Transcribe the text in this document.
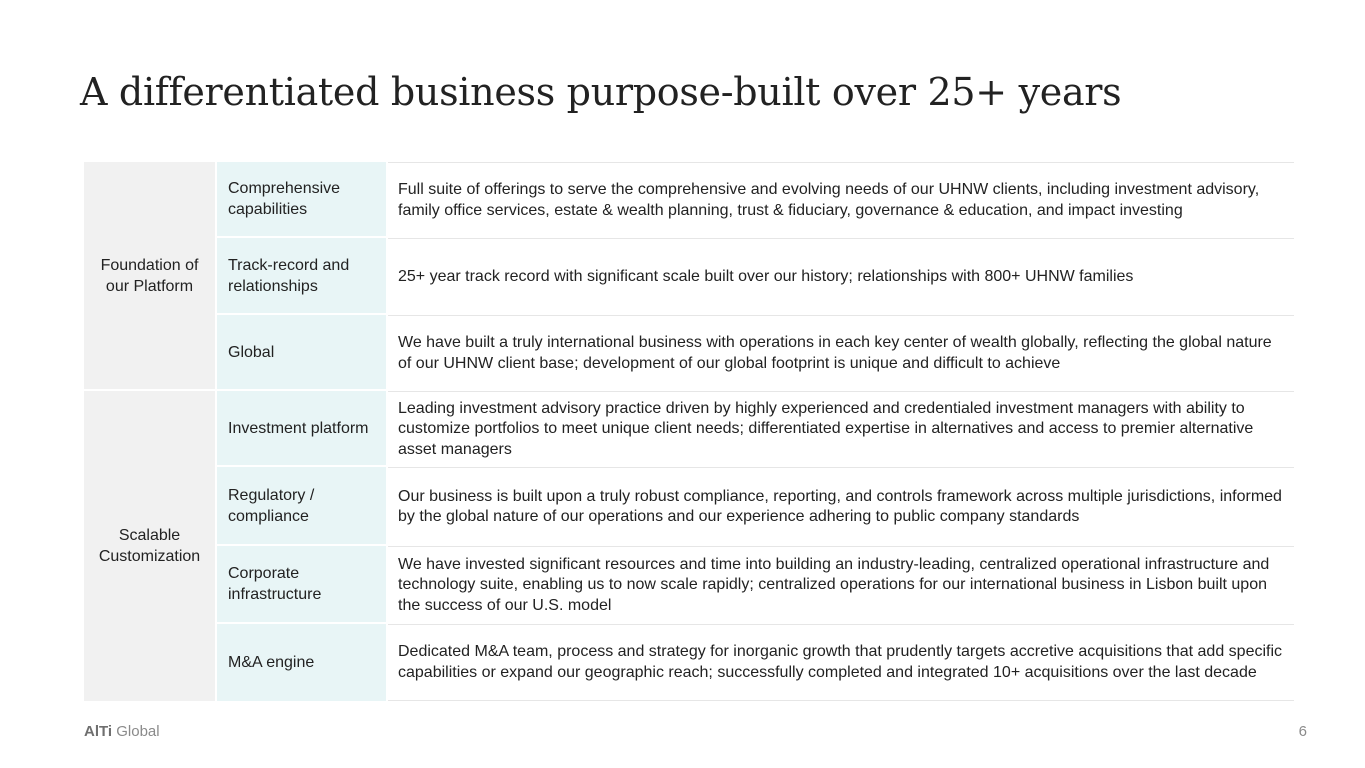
A differentiated business purpose-built over 25+ years
Foundation of our Platform
Scalable Customization
Comprehensive capabilities
Full suite of offerings to serve the comprehensive and evolving needs of our UHNW clients, including investment advisory, family office services, estate & wealth planning, trust & fiduciary, governance & education, and impact investing
Track-record and relationships
25+ year track record with significant scale built over our history; relationships with 800+ UHNW families
Global
We have built a truly international business with operations in each key center of wealth globally, reflecting the global nature of our UHNW client base; development of our global footprint is unique and difficult to achieve
Investment platform
Leading investment advisory practice driven by highly experienced and credentialed investment managers with ability to customize portfolios to meet unique client needs; differentiated expertise in alternatives and access to premier alternative asset managers
Regulatory / compliance
Our business is built upon a truly robust compliance, reporting, and controls framework across multiple jurisdictions, informed by the global nature of our operations and our experience adhering to public company standards
Corporate infrastructure
We have invested significant resources and time into building an industry-leading, centralized operational infrastructure and technology suite, enabling us to now scale rapidly; centralized operations for our international business in Lisbon built upon the success of our U.S. model
M&A engine
Dedicated M&A team, process and strategy for inorganic growth that prudently targets accretive acquisitions that add specific capabilities or expand our geographic reach; successfully completed and integrated 10+ acquisitions over the last decade
AlTi Global	6
